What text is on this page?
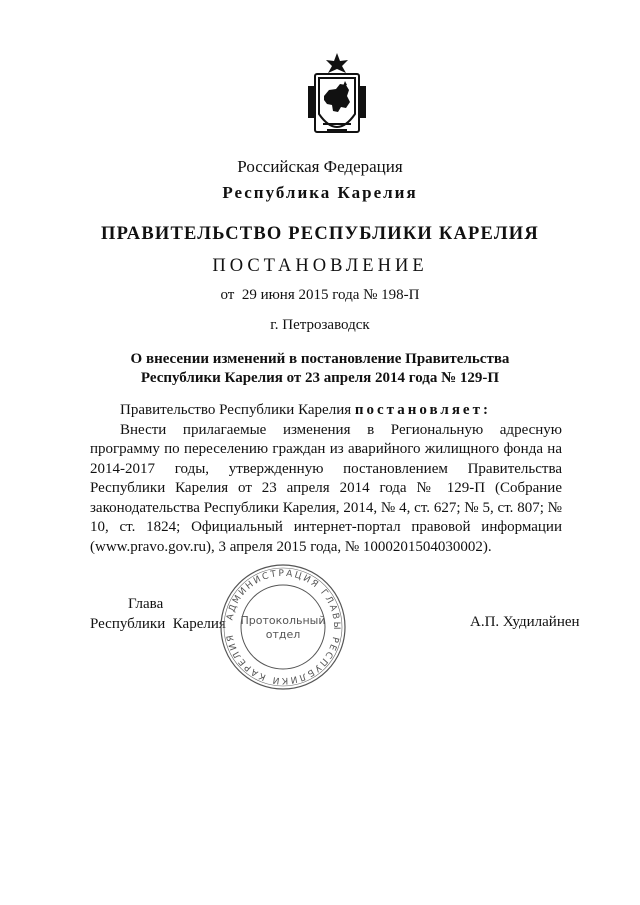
Российская Федерация
Республика Карелия
ПРАВИТЕЛЬСТВО РЕСПУБЛИКИ КАРЕЛИЯ
ПОСТАНОВЛЕНИЕ
от  29 июня 2015 года № 198-П
г. Петрозаводск
О внесении изменений в постановление Правительства
Республики Карелия от 23 апреля 2014 года № 129-П

Правительство Республики Карелия постановляет:

Внести прилагаемые изменения в Региональную адресную программу по переселению граждан из аварийного жилищного фонда на 2014-2017 годы, утвержденную постановлением Правительства Республики Карелия от 23 апреля 2014 года № 129-П (Собрание законодательства Республики Карелия, 2014, № 4, ст. 627; № 5, ст. 807; № 10, ст. 1824; Официальный интернет-портал правовой информации (www.pravo.gov.ru), 3 апреля 2015 года, № 1000201504030002).

Глава
Республики  Карелия АДМИНИСТРАЦИЯ ГЛАВЫ РЕСПУБЛИКИ КАРЕЛИЯ
Протокольный
отдел
А.П. Худилайнен
